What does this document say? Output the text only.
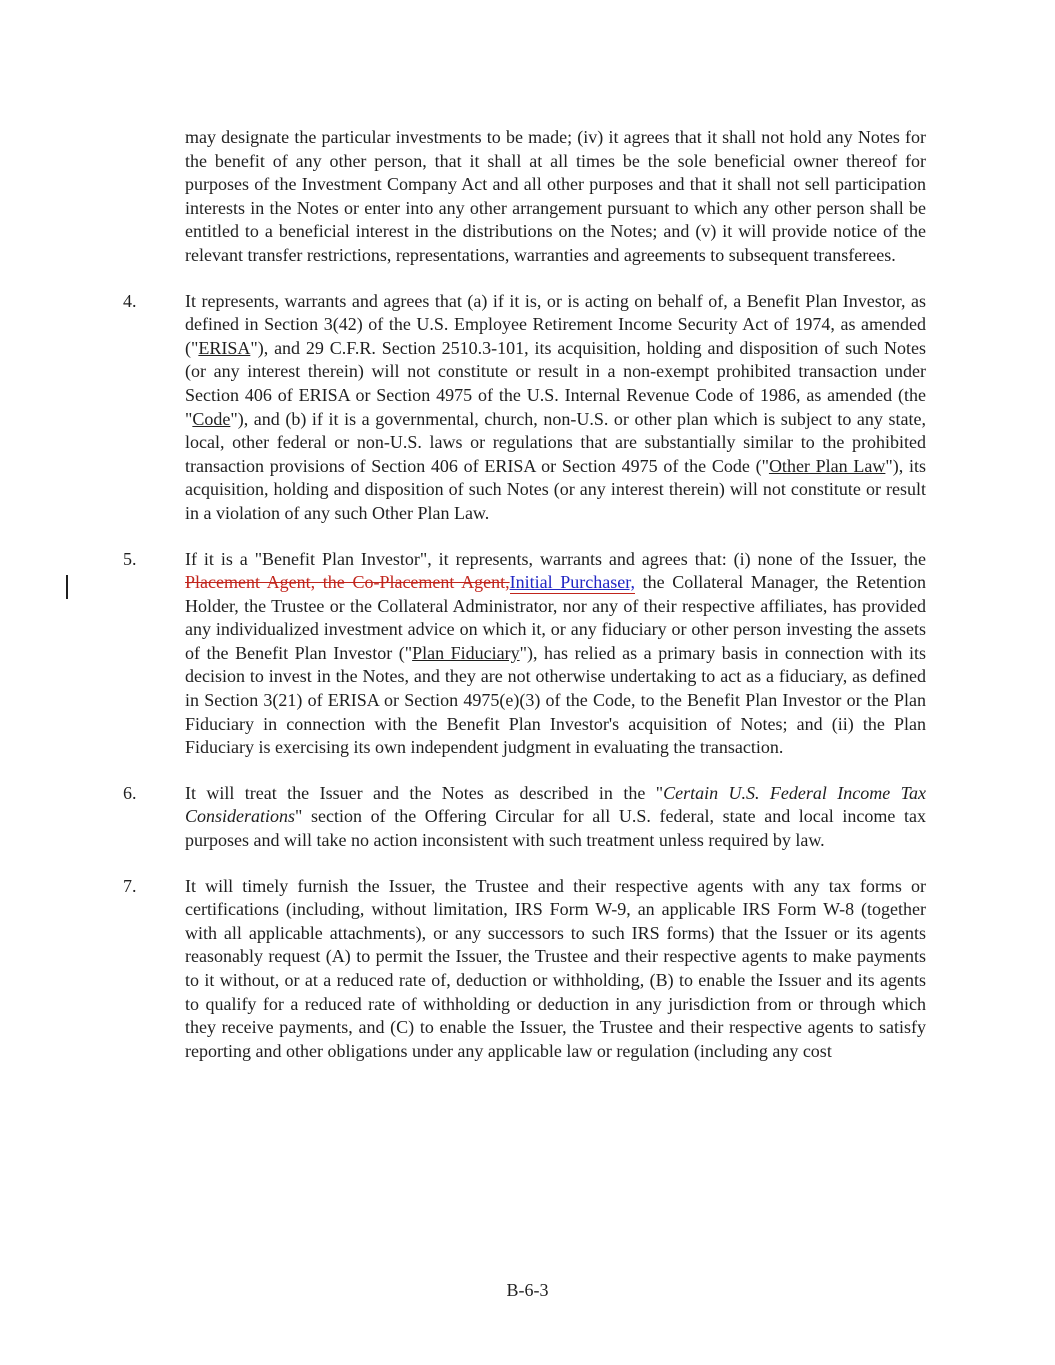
may designate the particular investments to be made; (iv) it agrees that it shall not hold any Notes for the benefit of any other person, that it shall at all times be the sole beneficial owner thereof for purposes of the Investment Company Act and all other purposes and that it shall not sell participation interests in the Notes or enter into any other arrangement pursuant to which any other person shall be entitled to a beneficial interest in the distributions on the Notes; and (v) it will provide notice of the relevant transfer restrictions, representations, warranties and agreements to subsequent transferees.
4.	It represents, warrants and agrees that (a) if it is, or is acting on behalf of, a Benefit Plan Investor, as defined in Section 3(42) of the U.S. Employee Retirement Income Security Act of 1974, as amended ("ERISA"), and 29 C.F.R. Section 2510.3-101, its acquisition, holding and disposition of such Notes (or any interest therein) will not constitute or result in a non-exempt prohibited transaction under Section 406 of ERISA or Section 4975 of the U.S. Internal Revenue Code of 1986, as amended (the "Code"), and (b) if it is a governmental, church, non-U.S. or other plan which is subject to any state, local, other federal or non-U.S. laws or regulations that are substantially similar to the prohibited transaction provisions of Section 406 of ERISA or Section 4975 of the Code ("Other Plan Law"), its acquisition, holding and disposition of such Notes (or any interest therein) will not constitute or result in a violation of any such Other Plan Law.
5.	If it is a "Benefit Plan Investor", it represents, warrants and agrees that: (i) none of the Issuer, the Placement Agent, the Co-Placement Agent,Initial Purchaser, the Collateral Manager, the Retention Holder, the Trustee or the Collateral Administrator, nor any of their respective affiliates, has provided any individualized investment advice on which it, or any fiduciary or other person investing the assets of the Benefit Plan Investor ("Plan Fiduciary"), has relied as a primary basis in connection with its decision to invest in the Notes, and they are not otherwise undertaking to act as a fiduciary, as defined in Section 3(21) of ERISA or Section 4975(e)(3) of the Code, to the Benefit Plan Investor or the Plan Fiduciary in connection with the Benefit Plan Investor's acquisition of Notes; and (ii) the Plan Fiduciary is exercising its own independent judgment in evaluating the transaction.
6.	It will treat the Issuer and the Notes as described in the "Certain U.S. Federal Income Tax Considerations" section of the Offering Circular for all U.S. federal, state and local income tax purposes and will take no action inconsistent with such treatment unless required by law.
7.	It will timely furnish the Issuer, the Trustee and their respective agents with any tax forms or certifications (including, without limitation, IRS Form W-9, an applicable IRS Form W-8 (together with all applicable attachments), or any successors to such IRS forms) that the Issuer or its agents reasonably request (A) to permit the Issuer, the Trustee and their respective agents to make payments to it without, or at a reduced rate of, deduction or withholding, (B) to enable the Issuer and its agents to qualify for a reduced rate of withholding or deduction in any jurisdiction from or through which they receive payments, and (C) to enable the Issuer, the Trustee and their respective agents to satisfy reporting and other obligations under any applicable law or regulation (including any cost
B-6-3
